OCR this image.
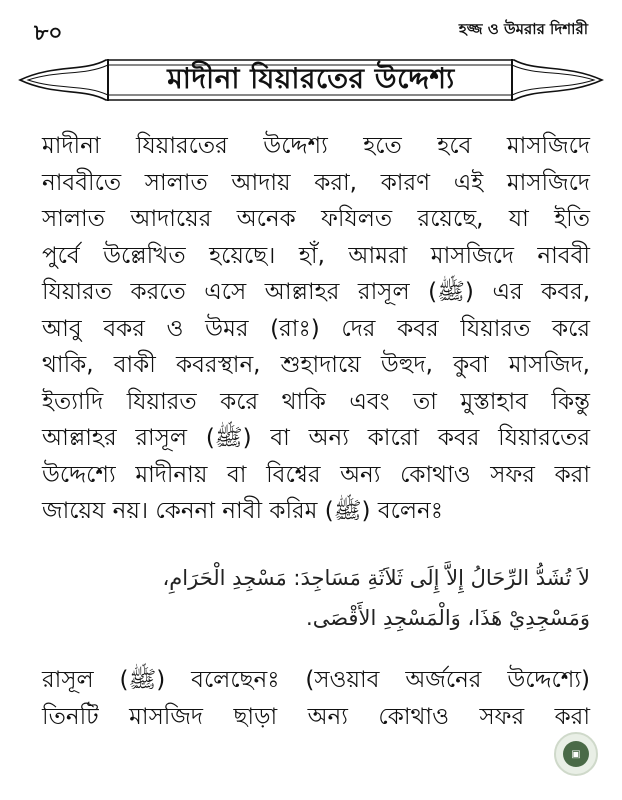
৮০	হজ্জ ও উমরার দিশারী
মাদীনা যিয়ারতের উদ্দেশ্য
মাদীনা যিয়ারতের উদ্দেশ্য হতে হবে মাসজিদে
নাববীতে সালাত আদায় করা, কারণ এই মাসজিদে
সালাত আদায়ের অনেক ফযিলত রয়েছে, যা ইতি
পুর্বে উল্লেখিত হয়েছে। হাঁ, আমরা মাসজিদে নাববী
যিয়ারত করতে এসে আল্লাহর রাসূল (ﷺ) এর কবর,
আবু বকর ও উমর (রাঃ) দের কবর যিয়ারত করে
থাকি, বাকী কবরস্থান, শুহাদায়ে উহুদ, কুবা মাসজিদ,
ইত্যাদি যিয়ারত করে থাকি এবং তা মুস্তাহাব কিন্তু
আল্লাহর রাসূল (ﷺ) বা অন্য কারো কবর যিয়ারতের
উদ্দেশ্যে মাদীনায় বা বিশ্বের অন্য কোথাও সফর করা
জায়েয নয়। কেননা নাবী করিম (ﷺ) বলেনঃ
لاَ تُشَدُّ الرِّحَالُ إِلاَّ إِلَى ثَلاَثَةِ مَسَاجِدَ: مَسْجِدِ الْحَرَامِ،
وَمَسْجِدِيْ هَذَا، وَالْمَسْجِدِ الأَقْصَى.
রাসূল (ﷺ) বলেছেনঃ (সওয়াব অর্জনের উদ্দেশ্যে)
তিনটি মাসজিদ ছাড়া অন্য কোথাও সফর করা
▣
